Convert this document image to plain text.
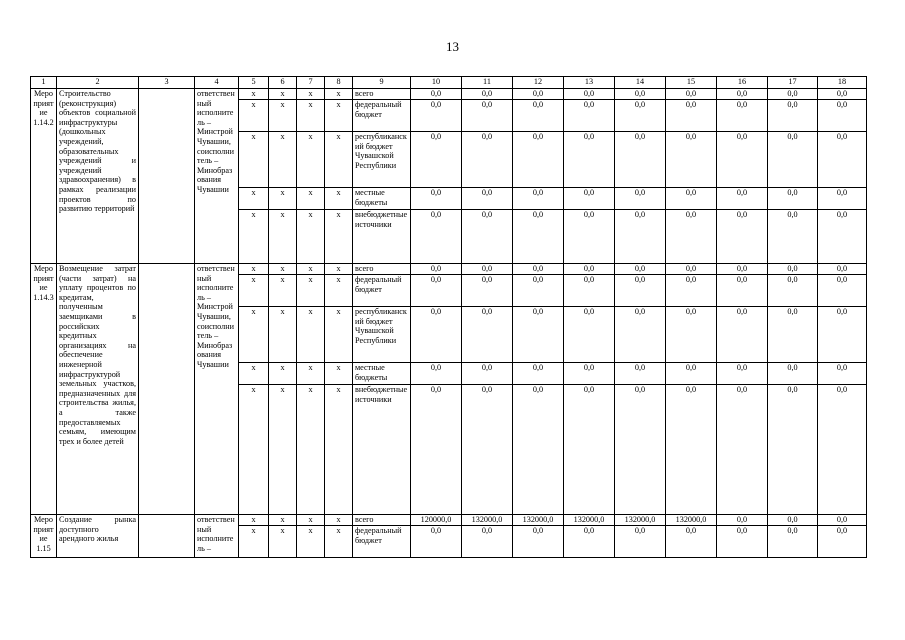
13
1	2	3	4	5	6	7	8	9	10	11	12	13	14	15	16	17	18
Мероприятие 1.14.2	Строительство (реконструкция) объектов социальной инфраструктуры (дошкольных учреждений, образовательных учреждений и учреждений здравоохранения) в рамках реализации проектов по развитию территорий		ответственный исполнитель – Минстрой Чувашии, соисполнитель – Минобразования Чувашии	x	x	x	x	всего	0,0	0,0	0,0	0,0	0,0	0,0	0,0	0,0	0,0
				x	x	x	x	федеральный бюджет	0,0	0,0	0,0	0,0	0,0	0,0	0,0	0,0	0,0
				x	x	x	x	республиканский бюджет Чувашской Республики	0,0	0,0	0,0	0,0	0,0	0,0	0,0	0,0	0,0
				x	x	x	x	местные бюджеты	0,0	0,0	0,0	0,0	0,0	0,0	0,0	0,0	0,0
				x	x	x	x	внебюджетные источники	0,0	0,0	0,0	0,0	0,0	0,0	0,0	0,0	0,0
Мероприятие 1.14.3	Возмещение затрат (части затрат) на уплату процентов по кредитам, полученным заемщиками в российских кредитных организациях на обеспечение инженерной инфраструктурой земельных участков, предназначенных для строительства жилья, а также предоставляемых семьям, имеющим трех и более детей		ответственный исполнитель – Минстрой Чувашии, соисполнитель – Минобразования Чувашии	x	x	x	x	всего	0,0	0,0	0,0	0,0	0,0	0,0	0,0	0,0	0,0
				x	x	x	x	федеральный бюджет	0,0	0,0	0,0	0,0	0,0	0,0	0,0	0,0	0,0
				x	x	x	x	республиканский бюджет Чувашской Республики	0,0	0,0	0,0	0,0	0,0	0,0	0,0	0,0	0,0
				x	x	x	x	местные бюджеты	0,0	0,0	0,0	0,0	0,0	0,0	0,0	0,0	0,0
				x	x	x	x	внебюджетные источники	0,0	0,0	0,0	0,0	0,0	0,0	0,0	0,0	0,0
Мероприятие 1.15	Создание рынка доступного арендного жилья		ответственный исполнитель –	x	x	x	x	всего	120000,0	132000,0	132000,0	132000,0	132000,0	132000,0	0,0	0,0	0,0
				x	x	x	x	федеральный бюджет	0,0	0,0	0,0	0,0	0,0	0,0	0,0	0,0	0,0
